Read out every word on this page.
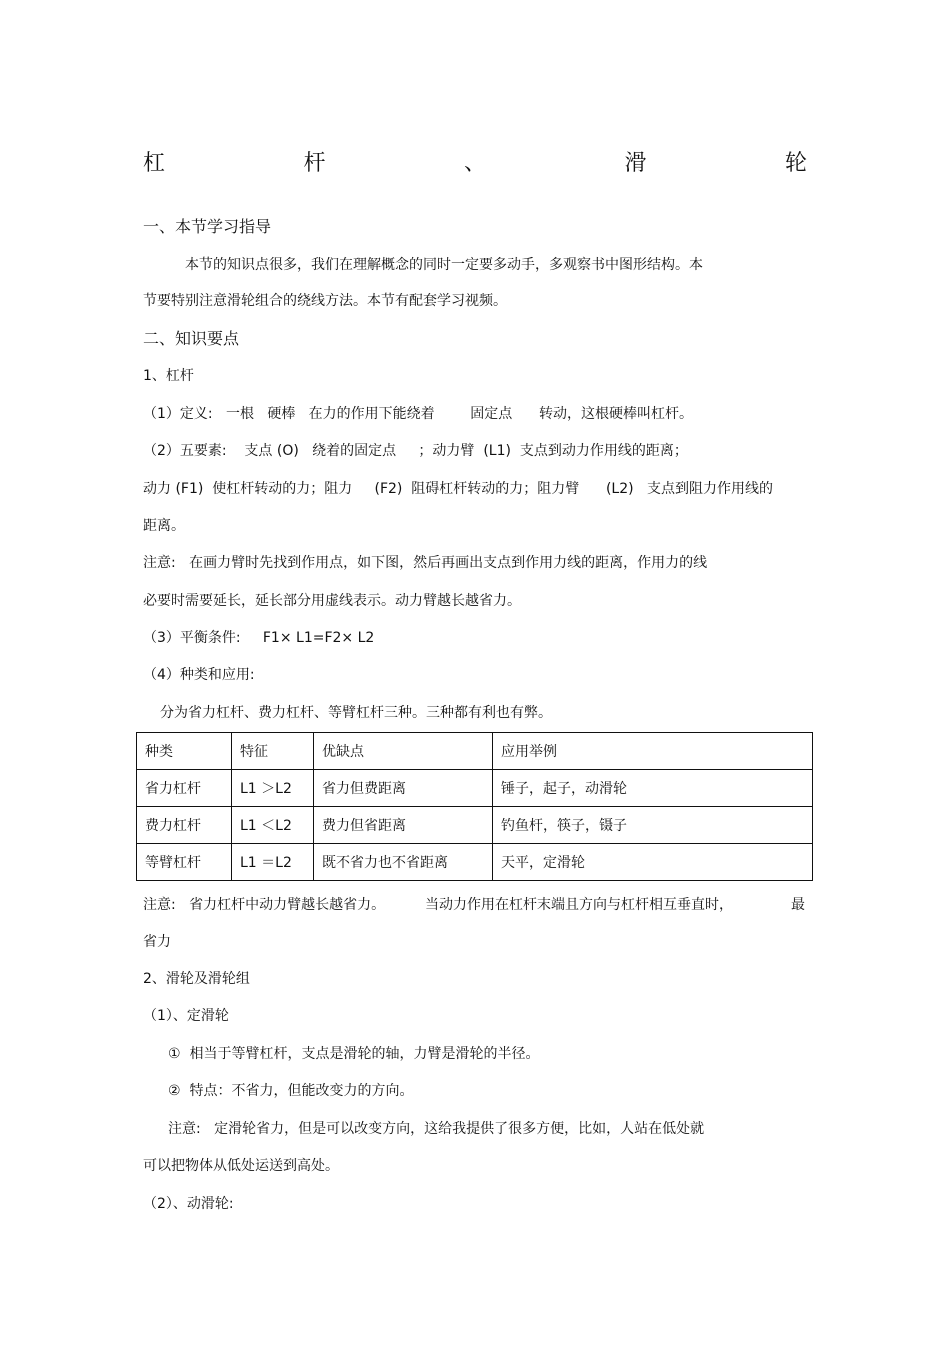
杠	杆	、	滑	轮
一、本节学习指导
本节的知识点很多，我们在理解概念的同时一定要多动手，多观察书中图形结构。本
节要特别注意滑轮组合的绕线方法。本节有配套学习视频。
二、知识要点
1、杠杆
（1）定义:   一根   硬棒   在力的作用下能绕着        固定点      转动，这根硬棒叫杠杆。
（2）五要素:    支点 (O)   绕着的固定点     ；动力臂  (L1)  支点到动力作用线的距离；
动力 (F1)  使杠杆转动的力；阻力     (F2)  阻碍杠杆转动的力；阻力臂      (L2)   支点到阻力作用线的
距离。
注意:   在画力臂时先找到作用点，如下图，然后再画出支点到作用力线的距离，作用力的线
必要时需要延长，延长部分用虚线表示。动力臂越长越省力。
（3）平衡条件:     F1× L1=F2× L2
（4）种类和应用:
分为省力杠杆、费力杠杆、等臂杠杆三种。三种都有利也有弊。
种类	特征	优缺点	应用举例
省力杠杆	L1 ＞L2	省力但费距离	锤子，起子，动滑轮
费力杠杆	L1 ＜L2	费力但省距离	钓鱼杆，筷子，镊子
等臂杠杆	L1 ＝L2	既不省力也不省距离	天平，定滑轮
注意:   省力杠杆中动力臂越长越省力。	当动力作用在杠杆末端且方向与杠杆相互垂直时，	最
省力
2、滑轮及滑轮组
（1）、定滑轮
①  相当于等臂杠杆，支点是滑轮的轴，力臂是滑轮的半径。
②  特点：不省力，但能改变力的方向。
注意:   定滑轮省力，但是可以改变方向，这给我提供了很多方便，比如，人站在低处就
可以把物体从低处运送到高处。
（2）、动滑轮:
